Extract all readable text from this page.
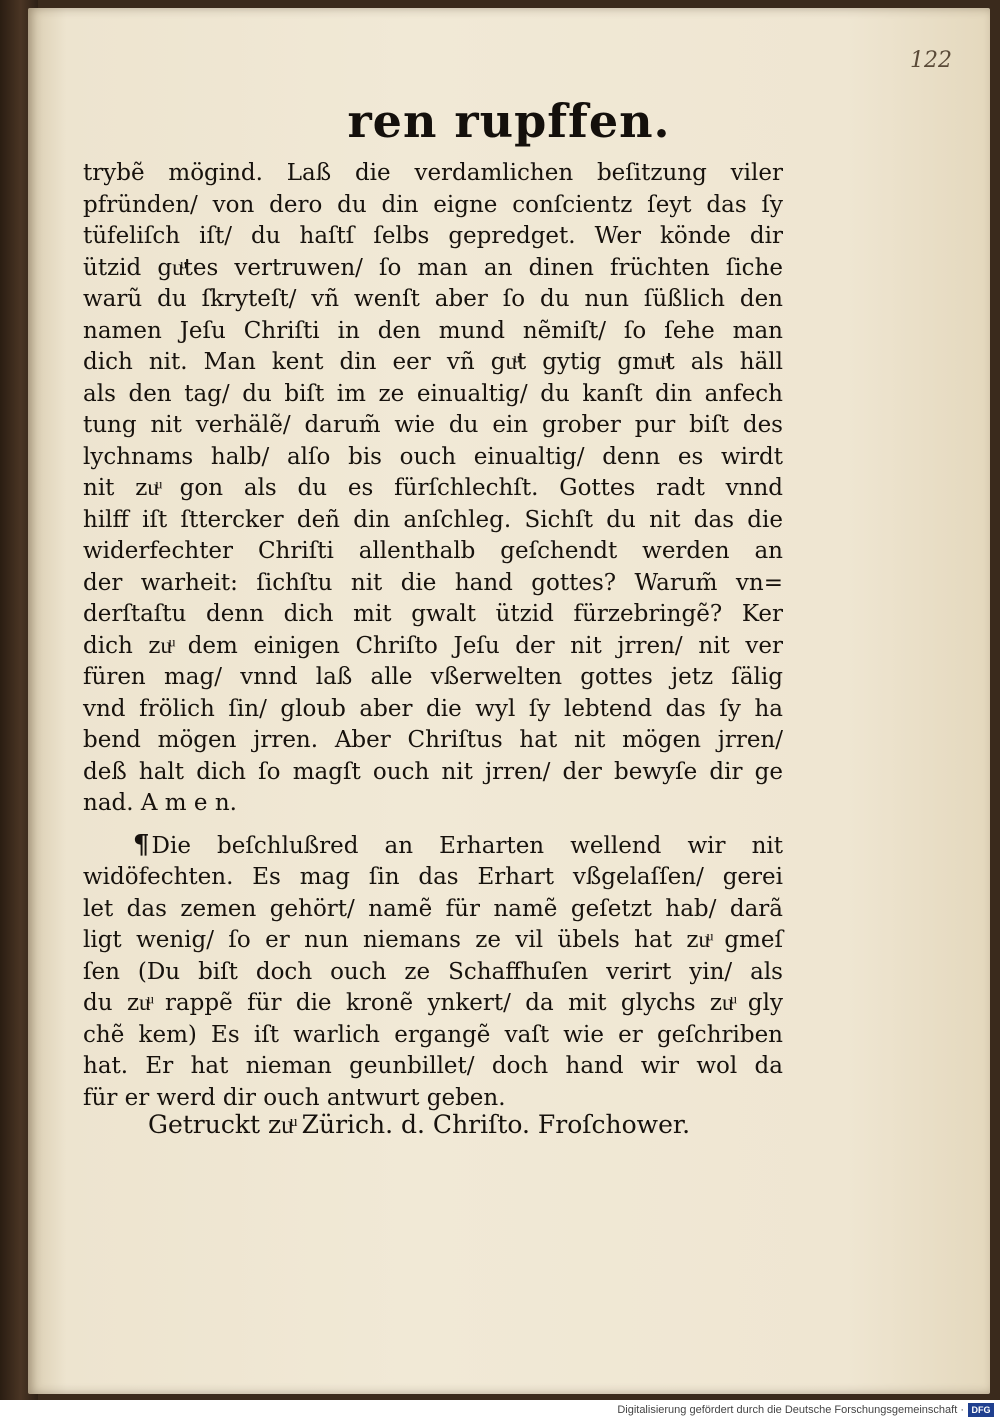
122
ren rupffen.
trybẽ mögind. Laß die verdamlichen beſitzung viler
pfründen/ von dero du din eigne conſcientz ſeyt das ſy
tüfeliſch iſt/ du haſtſ ſelbs gepredget. Wer könde dir
ützid guͧtes vertruwen/ ſo man an dinen früchten ſiche
warũ du ſkryteſt/ vñ wenſt aber ſo du nun ſüßlich den
namen Jeſu Chriſti in den mund nẽmiſt/ ſo ſehe man
dich nit. Man kent din eer vñ guͧt gytig gmuͧt als häll
als den tag/ du biſt im ze einualtig/ du kanſt din anfech
tung nit verhälẽ/ darum̃ wie du ein grober pur biſt des
lychnams halb/ alſo bis ouch einualtig/ denn es wirdt
nit zuͧ gon als du es fürſchlechſt. Gottes radt vnnd
hilff iſt ſttercker deñ din anſchleg. Sichſt du nit das die
widerfechter Chriſti allenthalb geſchendt werden an
der warheit: ſichſtu nit die hand gottes? Warum̃ vn=
derſtaſtu denn dich mit gwalt ützid fürzebringẽ? Ker
dich zuͧ dem einigen Chriſto Jeſu der nit jrren/ nit ver
füren mag/ vnnd laß alle vßerwelten gottes jetz ſälig
vnd frölich ſin/ gloub aber die wyl ſy lebtend das ſy ha
bend mögen jrren. Aber Chriſtus hat nit mögen jrren/
deß halt dich ſo magſt ouch nit jrren/ der bewyſe dir ge
nad. A m e n.
¶Die beſchlußred an Erharten wellend wir nit
widöfechten. Es mag ſin das Erhart vßgelaſſen/ gerei
let das zemen gehört/ namẽ für namẽ geſetzt hab/ darã
ligt wenig/ ſo er nun niemans ze vil übels hat zuͧ gmeſ
ſen (Du biſt doch ouch ze Schaffhuſen verirt yin/ als
du zuͧ rappẽ für die kronẽ ynkert/ da mit glychs zuͧ gly
chẽ kem) Es iſt warlich ergangẽ vaſt wie er geſchriben
hat. Er hat nieman geunbillet/ doch hand wir wol da
für er werd dir ouch antwurt geben.
Getruckt zuͧ Zürich. d. Chriſto. Froſchower.
Digitalisierung gefördert durch die Deutsche Forschungsgemeinschaft · DFG
